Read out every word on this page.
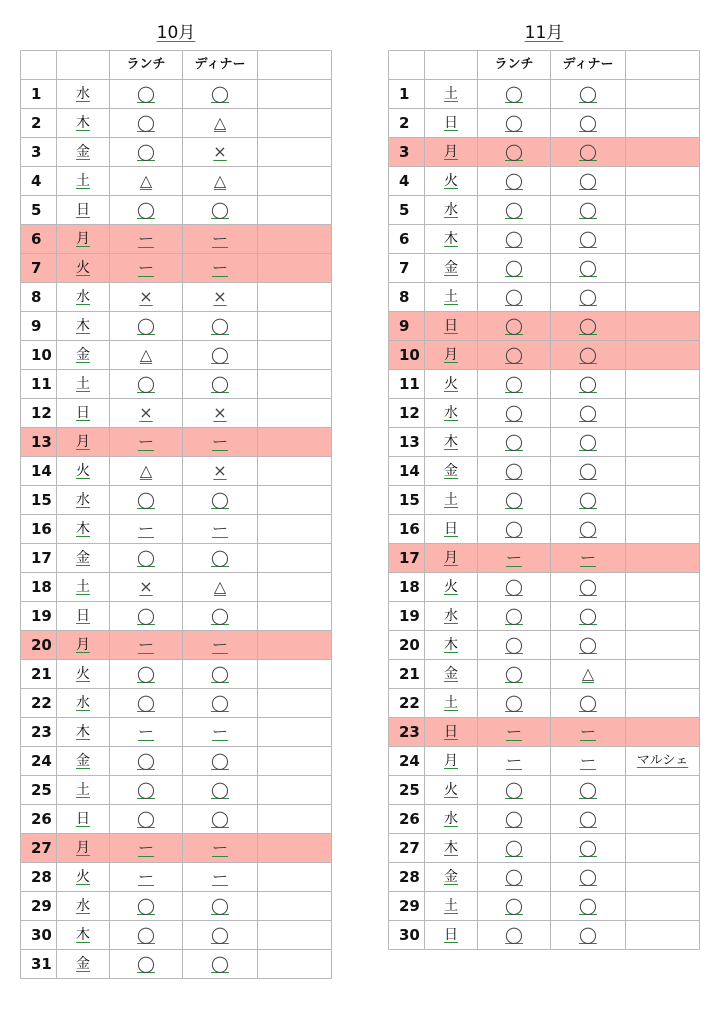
10月
		ランチ	ディナー	
1	水	◯	◯	
2	木	◯	△	
3	金	◯	×	
4	土	△	△	
5	日	◯	◯	
6	月	ー	ー	
7	火	ー	ー	
8	水	×	×	
9	木	◯	◯	
10	金	△	◯	
11	土	◯	◯	
12	日	×	×	
13	月	ー	ー	
14	火	△	×	
15	水	◯	◯	
16	木	ー	ー	
17	金	◯	◯	
18	土	×	△	
19	日	◯	◯	
20	月	ー	ー	
21	火	◯	◯	
22	水	◯	◯	
23	木	ー	ー	
24	金	◯	◯	
25	土	◯	◯	
26	日	◯	◯	
27	月	ー	ー	
28	火	ー	ー	
29	水	◯	◯	
30	木	◯	◯	
31	金	◯	◯	
11月
		ランチ	ディナー	
1	土	◯	◯	
2	日	◯	◯	
3	月	◯	◯	
4	火	◯	◯	
5	水	◯	◯	
6	木	◯	◯	
7	金	◯	◯	
8	土	◯	◯	
9	日	◯	◯	
10	月	◯	◯	
11	火	◯	◯	
12	水	◯	◯	
13	木	◯	◯	
14	金	◯	◯	
15	土	◯	◯	
16	日	◯	◯	
17	月	ー	ー	
18	火	◯	◯	
19	水	◯	◯	
20	木	◯	◯	
21	金	◯	△	
22	土	◯	◯	
23	日	ー	ー	
24	月	ー	ー	マルシェ
25	火	◯	◯	
26	水	◯	◯	
27	木	◯	◯	
28	金	◯	◯	
29	土	◯	◯	
30	日	◯	◯	
